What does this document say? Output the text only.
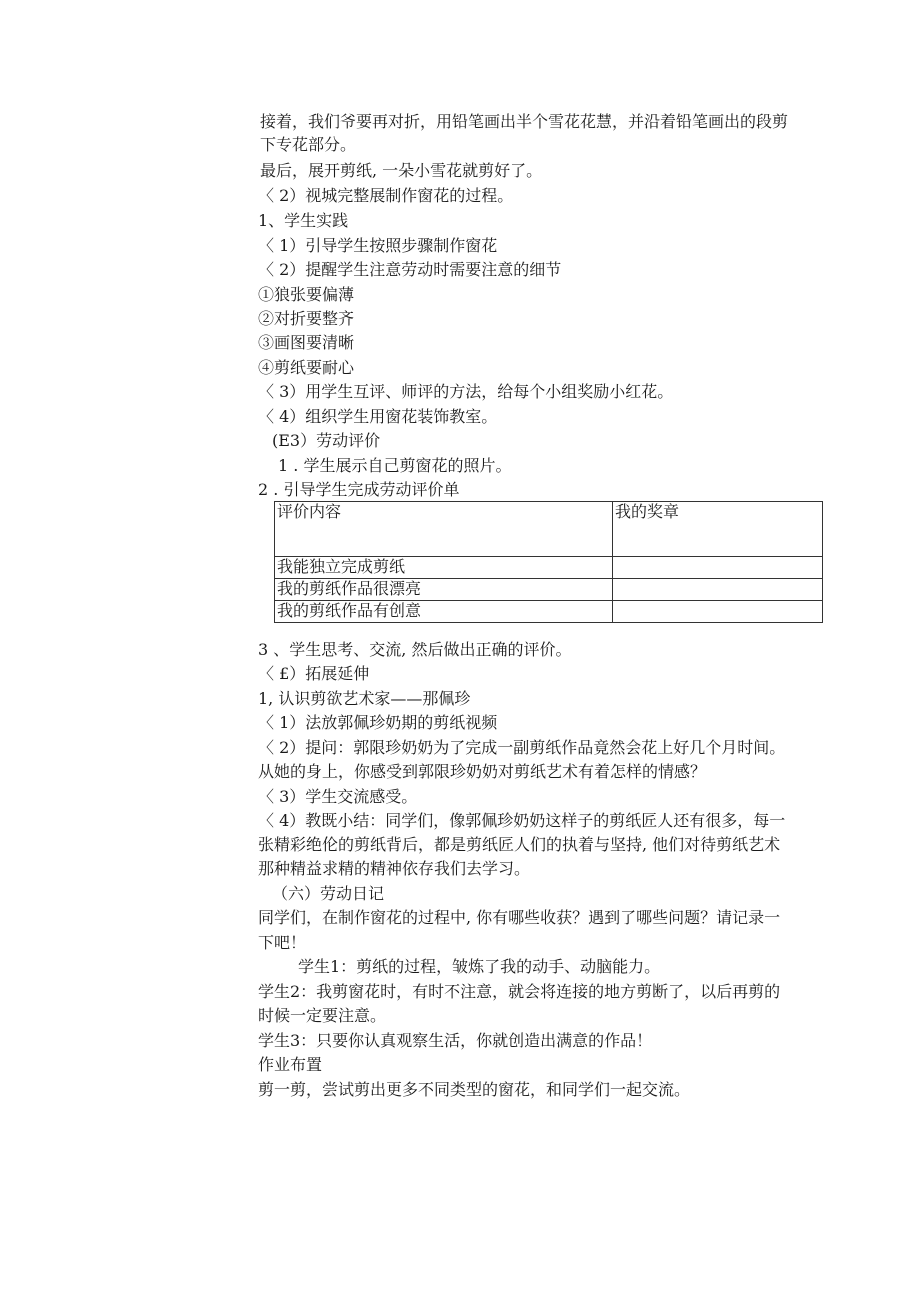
接着，我们爷要再对折，用铅笔画出半个雪花花慧，并沿着铅笔画出的段剪
下专花部分。
最后，展开剪纸, 一朵小雪花就剪好了。
〈 2）视城完整展制作窗花的过程。
1、学生实践
〈 1）引导学生按照步骤制作窗花
〈 2）提醒学生注意劳动时需要注意的细节
①狼张要偏薄
②对折要整齐
③画图要清晰
④剪纸要耐心
〈 3）用学生互评、师评的方法，给每个小组奖励小红花。
〈 4）组织学生用窗花装饰教室。
(E3）劳动评价
1 . 学生展示自己剪窗花的照片。
2 . 引导学生完成劳动评价单
评价内容	我的奖章
我能独立完成剪纸	
我的剪纸作品很漂亮	
我的剪纸作品有创意	
3 、学生思考、交流, 然后做出正确的评价。
〈 £）拓展延伸
1, 认识剪欲艺术家——那佩珍
〈 1）法放郭佩珍奶期的剪纸视频
〈 2）提问：郭限珍奶奶为了完成一副剪纸作品竟然会花上好几个月时间。
从她的身上，你感受到郭限珍奶奶对剪纸艺术有着怎样的情感？
〈 3）学生交流感受。
〈 4）教既小结：同学们，像郭佩珍奶奶这样子的剪纸匠人还有很多，每一
张精彩绝伦的剪纸背后，都是剪纸匠人们的执着与坚持, 他们对待剪纸艺术
那种精益求精的精神依存我们去学习。
（六）劳动日记
同学们，在制作窗花的过程中, 你有哪些收获？遇到了哪些问题？请记录一
下吧！
学生1：剪纸的过程，皱炼了我的动手、动脑能力。
学生2：我剪窗花时，有时不注意，就会将连接的地方剪断了，以后再剪的
时候一定要注意。
学生3：只要你认真观察生活，你就创造出满意的作品！
作业布置
剪一剪，尝试剪出更多不同类型的窗花，和同学们一起交流。
